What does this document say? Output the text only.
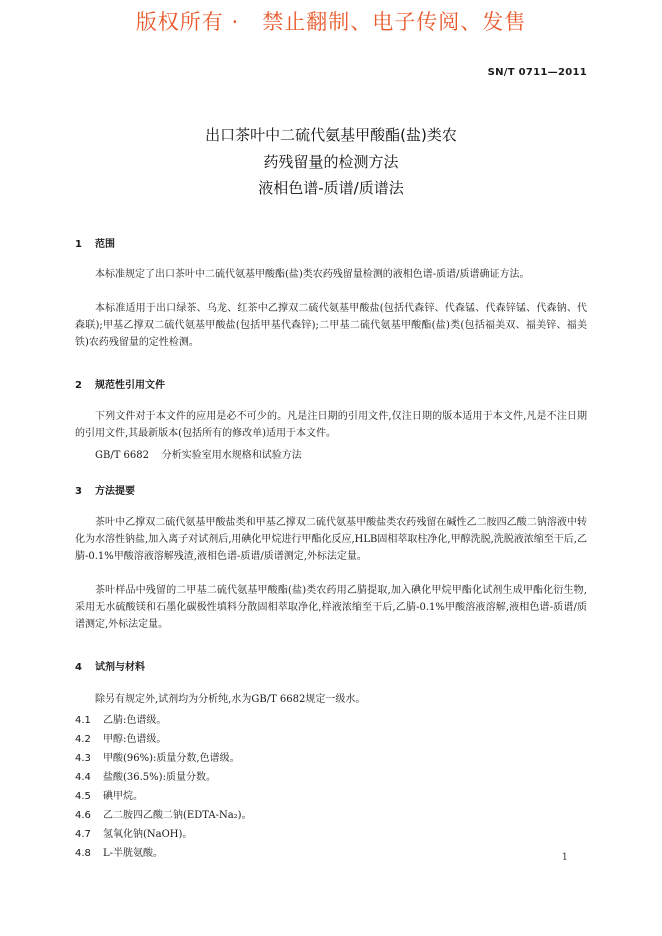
版权所有 ·   禁止翻制、电子传阅、发售
SN/T 0711—2011
出口茶叶中二硫代氨基甲酸酯(盐)类农
药残留量的检测方法
液相色谱-质谱/质谱法
1 范围

本标准规定了出口茶叶中二硫代氨基甲酸酯(盐)类农药残留量检测的液相色谱-质谱/质谱确证方法。

本标准适用于出口绿茶、乌龙、红茶中乙撑双二硫代氨基甲酸盐(包括代森锌、代森锰、代森锌锰、代森钠、代森联);甲基乙撑双二硫代氨基甲酸盐(包括甲基代森锌);二甲基二硫代氨基甲酸酯(盐)类(包括福美双、福美锌、福美铁)农药残留量的定性检测。

2 规范性引用文件

下列文件对于本文件的应用是必不可少的。凡是注日期的引用文件,仅注日期的版本适用于本文件,凡是不注日期的引用文件,其最新版本(包括所有的修改单)适用于本文件。

GB/T 6682    分析实验室用水规格和试验方法
3 方法提要

茶叶中乙撑双二硫代氨基甲酸盐类和甲基乙撑双二硫代氨基甲酸盐类农药残留在碱性乙二胺四乙酸二钠溶液中转化为水溶性钠盐,加入离子对试剂后,用碘化甲烷进行甲酯化反应,HLB固相萃取柱净化,甲醇洗脱,洗脱液浓缩至干后,乙腈-0.1%甲酸溶液溶解残渣,液相色谱-质谱/质谱测定,外标法定量。

茶叶样品中残留的二甲基二硫代氨基甲酸酯(盐)类农药用乙腈提取,加入碘化甲烷甲酯化试剂生成甲酯化衍生物,采用无水硫酸镁和石墨化碳极性填料分散固相萃取净化,样液浓缩至干后,乙腈-0.1%甲酸溶液溶解,液相色谱-质谱/质谱测定,外标法定量。

4 试剂与材料
除另有规定外,试剂均为分析纯,水为GB/T 6682规定一级水。
4.1 乙腈:色谱级。
4.2 甲醇:色谱级。
4.3 甲酸(96%):质量分数,色谱级。
4.4 盐酸(36.5%):质量分数。
4.5 碘甲烷。
4.6 乙二胺四乙酸二钠(EDTA-Na₂)。
4.7 氢氧化钠(NaOH)。
4.8 L-半胱氨酸。	1
